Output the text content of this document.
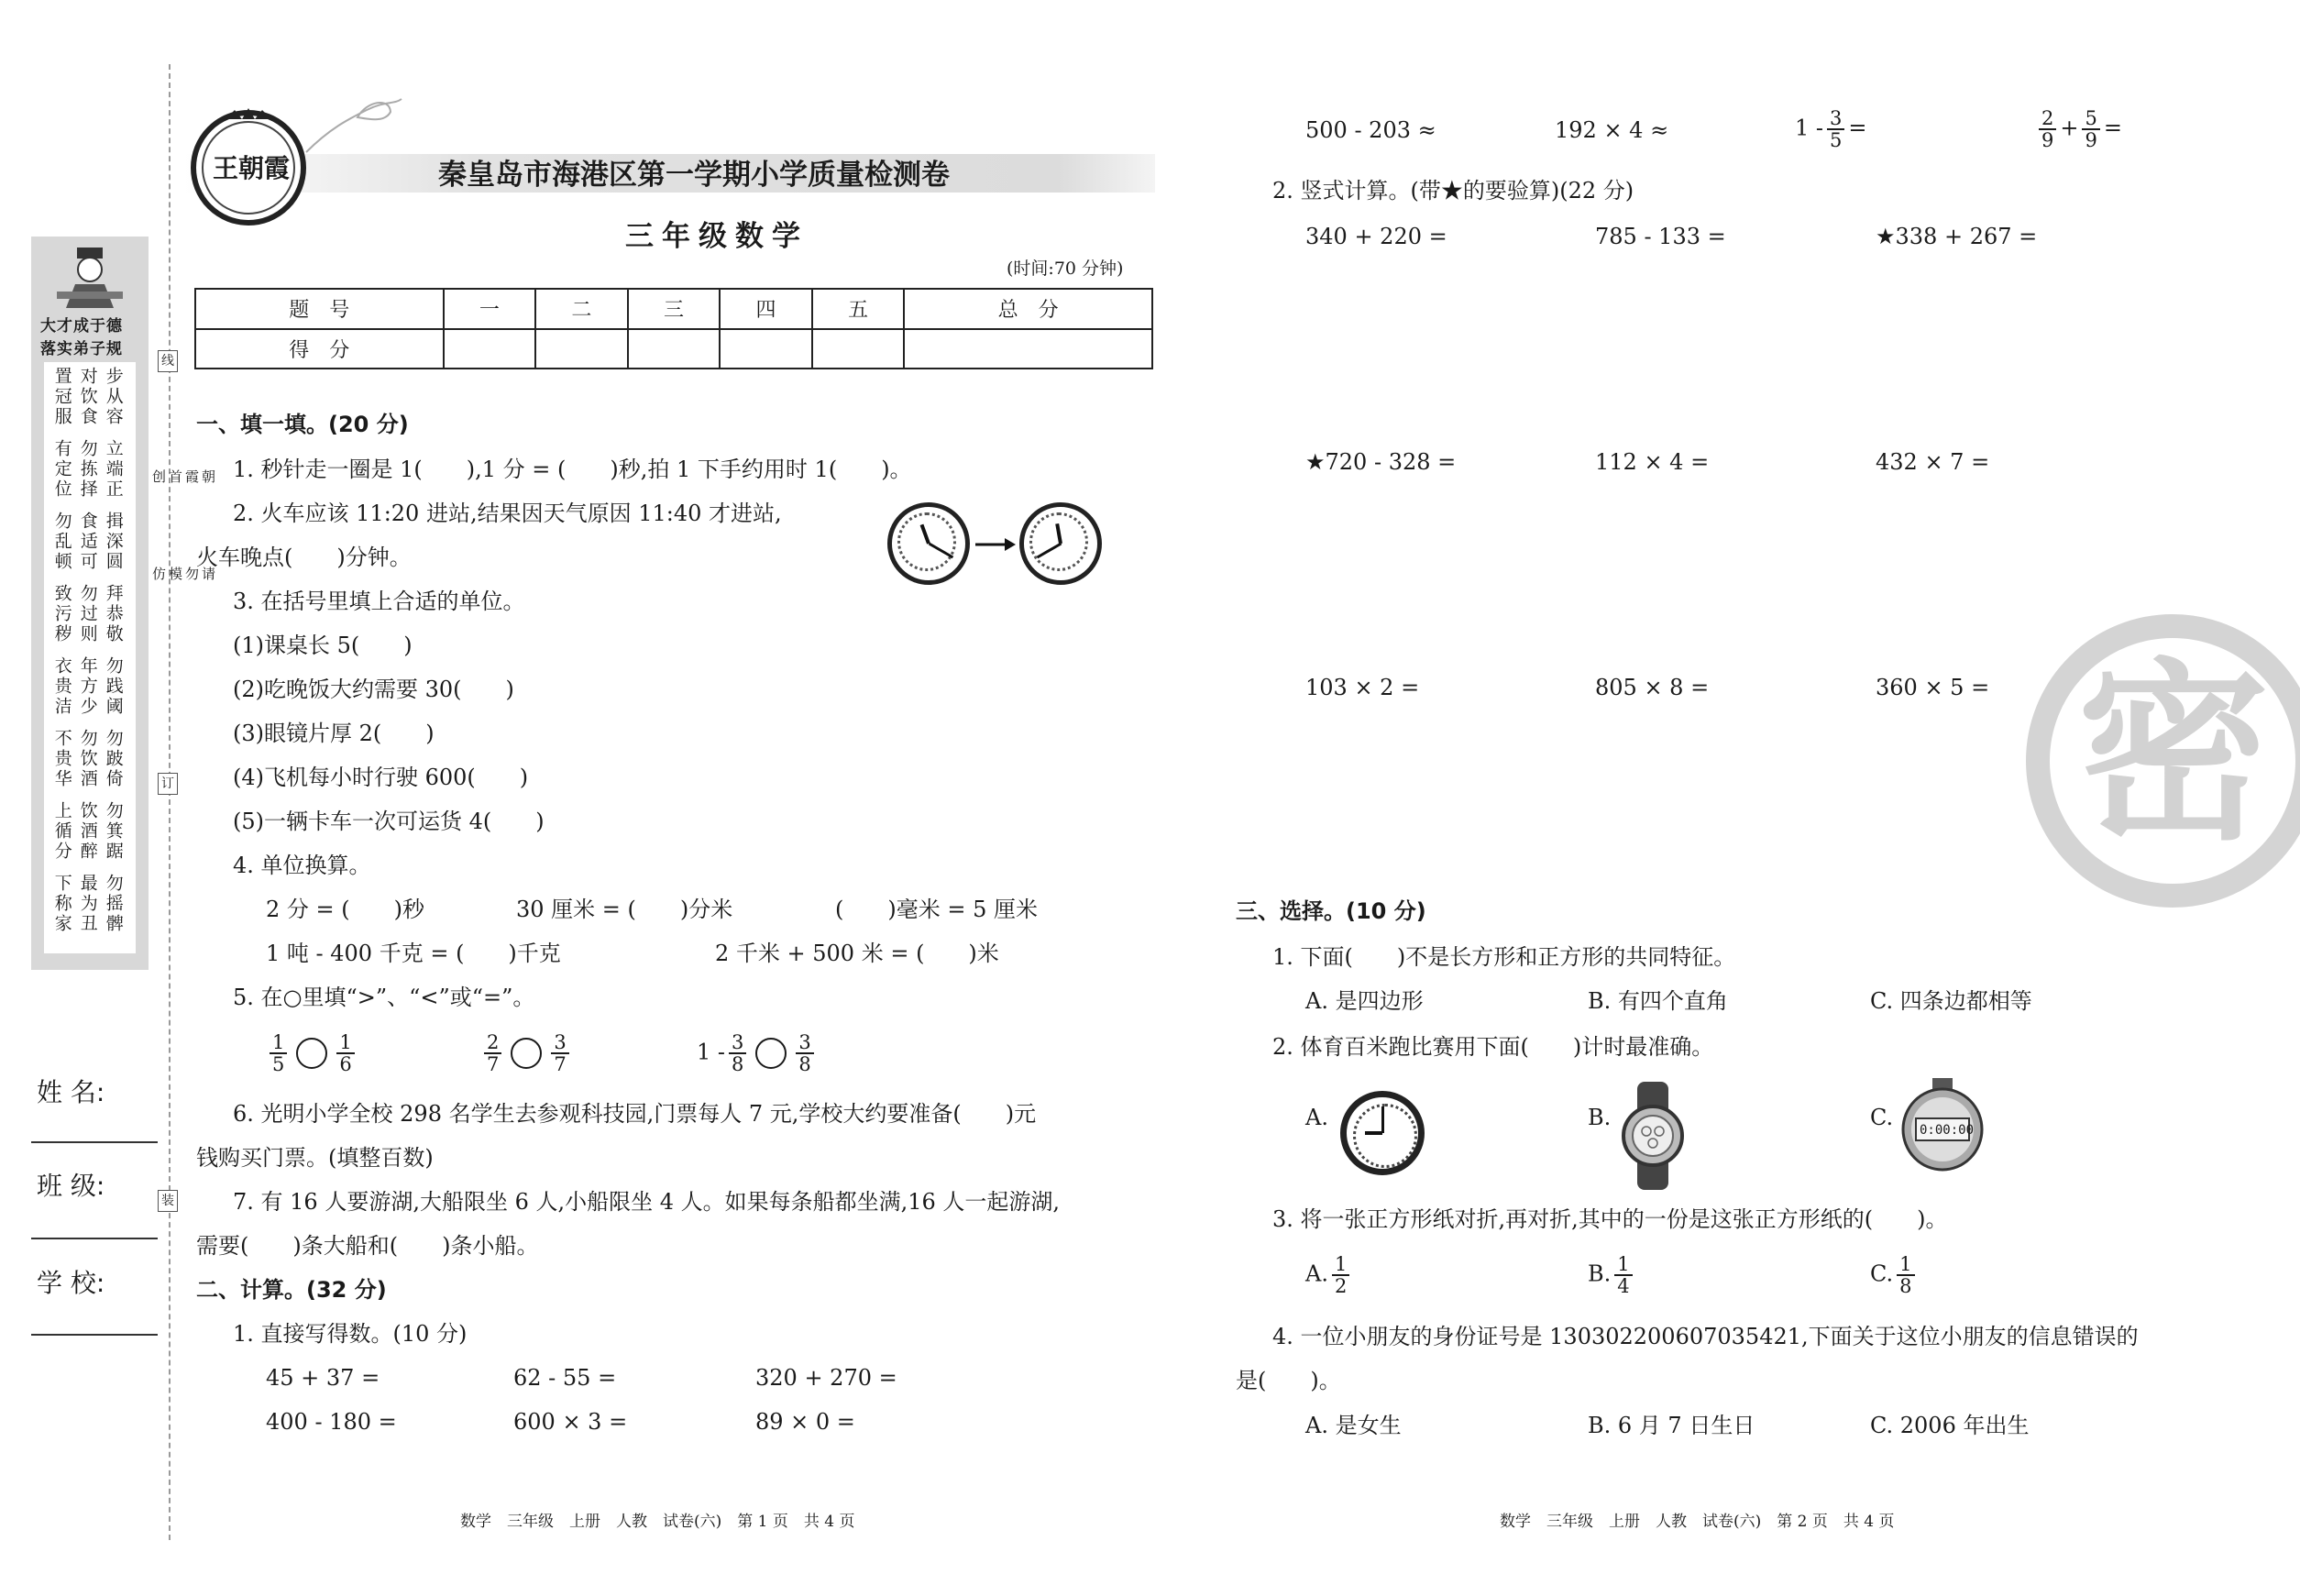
大才成于德
落实弟子规
步从容
对饮食
置冠服
立端正
勿拣择
有定位
揖深圆
食适可
勿乱顿
拜恭敬
勿过则
致污秽
勿践阈
年方少
衣贵洁
勿跛倚
勿饮酒
不贵华
勿箕踞
饮酒醉
上循分
勿摇髀
最为丑
下称家
朝霞首创
请勿模仿
线
订
装
姓 名:
班 级:
学 校:
王朝霞	秦皇岛市海港区第一学期小学质量检测卷
三年级数学
(时间:70 分钟)
题　号	一	二	三	四	五	总　分
得　分						
一、填一填。(20 分)
1. 秒针走一圈是 1(　　),1 分 = (　　)秒,拍 1 下手约用时 1(　　)。
2. 火车应该 11:20 进站,结果因天气原因 11:40 才进站,
火车晚点(　　)分钟。
3. 在括号里填上合适的单位。
(1)课桌长 5(　　)
(2)吃晚饭大约需要 30(　　)
(3)眼镜片厚 2(　　)
(4)飞机每小时行驶 600(　　)
(5)一辆卡车一次可运货 4(　　)
4. 单位换算。
2 分 = (　　)秒	30 厘米 = (　　)分米	(　　)毫米 = 5 厘米
1 吨 - 400 千克 = (　　)千克	2 千米 + 500 米 = (　　)米
5. 在○里填“>”、“<”或“=”。
$\frac{1}{5}$	$\frac{1}{6}$	$\frac{2}{7}$	$\frac{3}{7}$	$1 - \frac{3}{8}$	$\frac{3}{8}$
6. 光明小学全校 298 名学生去参观科技园,门票每人 7 元,学校大约要准备(　　)元
钱购买门票。(填整百数)
7. 有 16 人要游湖,大船限坐 6 人,小船限坐 4 人。如果每条船都坐满,16 人一起游湖,
需要(　　)条大船和(　　)条小船。
二、计算。(32 分)
1. 直接写得数。(10 分)
45 + 37 =	62 - 55 =	320 + 270 =
400 - 180 =	600 × 3 =	89 × 0 =
数学　三年级　上册　人教　试卷(六)　第 1 页　共 4 页
密
500 - 203 ≈	192 × 4 ≈	$1 - \frac{3}{5}$ =	$\frac{2}{9} + \frac{5}{9}$ =
2. 竖式计算。(带★的要验算)(22 分)
340 + 220 =	785 - 133 =	★338 + 267 =
★720 - 328 =	112 × 4 =	432 × 7 =
103 × 2 =	805 × 8 =	360 × 5 =
三、选择。(10 分)
1. 下面(　　)不是长方形和正方形的共同特征。
A. 是四边形	B. 有四个直角	C. 四条边都相等
2. 体育百米跑比赛用下面(　　)计时最准确。
A.	B.	C. 0:00:00
3. 将一张正方形纸对折,再对折,其中的一份是这张正方形纸的(　　)。
A. $\frac{1}{2}$	B. $\frac{1}{4}$	C. $\frac{1}{8}$
4. 一位小朋友的身份证号是 130302200607035421,下面关于这位小朋友的信息错误的
是(　　)。
A. 是女生	B. 6 月 7 日生日	C. 2006 年出生
数学　三年级　上册　人教　试卷(六)　第 2 页　共 4 页
